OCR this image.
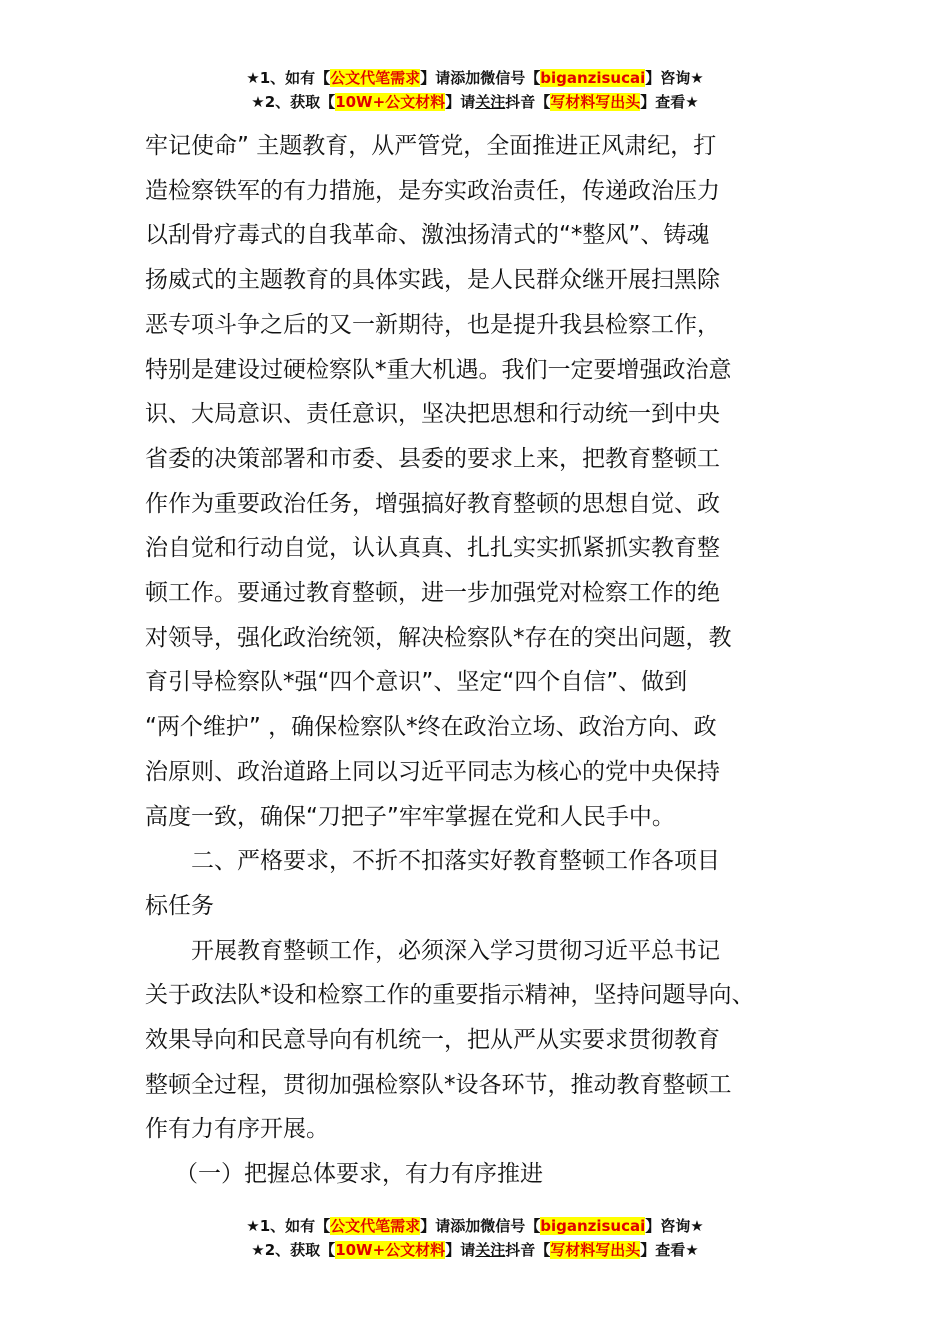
★1、如有【公文代笔需求】请添加微信号【biganzisucai】咨询★
★2、获取【10W+公文材料】请关注抖音【写材料写出头】查看★

牢记使命” 主题教育，从严管党，全面推进正风肃纪，打

造检察铁军的有力措施，是夯实政治责任，传递政治压力

以刮骨疗毒式的自我革命、激浊扬清式的“*整风”、铸魂

扬威式的主题教育的具体实践，是人民群众继开展扫黑除

恶专项斗争之后的又一新期待，也是提升我县检察工作，

特别是建设过硬检察队*重大机遇。我们一定要增强政治意

识、大局意识、责任意识，坚决把思想和行动统一到中央

省委的决策部署和市委、县委的要求上来，把教育整顿工

作作为重要政治任务，增强搞好教育整顿的思想自觉、政

治自觉和行动自觉，认认真真、扎扎实实抓紧抓实教育整

顿工作。要通过教育整顿，进一步加强党对检察工作的绝

对领导，强化政治统领，解决检察队*存在的突出问题，教

育引导检察队*强“四个意识”、坚定“四个自信”、做到

“两个维护” ，确保检察队*终在政治立场、政治方向、政

治原则、政治道路上同以习近平同志为核心的党中央保持

高度一致，确保“刀把子”牢牢掌握在党和人民手中。

二、严格要求，不折不扣落实好教育整顿工作各项目

标任务

开展教育整顿工作，必须深入学习贯彻习近平总书记

关于政法队*设和检察工作的重要指示精神，坚持问题导向、

效果导向和民意导向有机统一，把从严从实要求贯彻教育

整顿全过程，贯彻加强检察队*设各环节，推动教育整顿工

作有力有序开展。

（一）把握总体要求，有力有序推进

★1、如有【公文代笔需求】请添加微信号【biganzisucai】咨询★
★2、获取【10W+公文材料】请关注抖音【写材料写出头】查看★
